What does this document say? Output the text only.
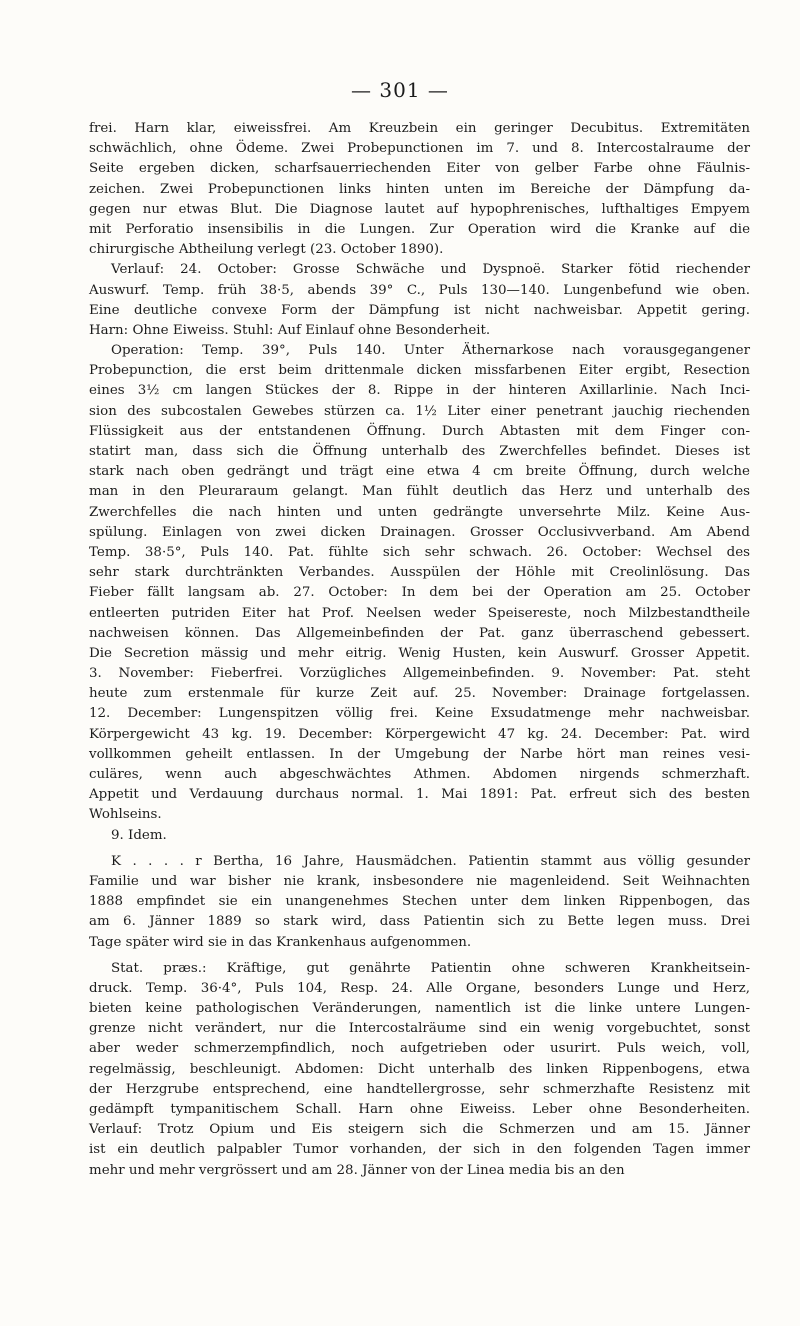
— 301 —
frei. Harn klar, eiweissfrei. Am Kreuzbein ein geringer Decubitus. Extremitäten
schwächlich, ohne Ödeme. Zwei Probepunctionen im 7. und 8. Intercostalraume der
Seite ergeben dicken, scharfsauerriechenden Eiter von gelber Farbe ohne Fäulnis-
zeichen. Zwei Probepunctionen links hinten unten im Bereiche der Dämpfung da-
gegen nur etwas Blut. Die Diagnose lautet auf hypophrenisches, lufthaltiges Empyem
mit Perforatio insensibilis in die Lungen. Zur Operation wird die Kranke auf die
chirurgische Abtheilung verlegt (23. October 1890).
Verlauf: 24. October: Grosse Schwäche und Dyspnoë. Starker fötid riechender
Auswurf. Temp. früh 38·5, abends 39° C., Puls 130—140. Lungenbefund wie oben.
Eine deutliche convexe Form der Dämpfung ist nicht nachweisbar. Appetit gering.
Harn: Ohne Eiweiss. Stuhl: Auf Einlauf ohne Besonderheit.
Operation: Temp. 39°, Puls 140. Unter Äthernarkose nach vorausgegangener
Probepunction, die erst beim drittenmale dicken missfarbenen Eiter ergibt, Resection
eines 3½ cm langen Stückes der 8. Rippe in der hinteren Axillarlinie. Nach Inci-
sion des subcostalen Gewebes stürzen ca. 1½ Liter einer penetrant jauchig riechenden
Flüssigkeit aus der entstandenen Öffnung. Durch Abtasten mit dem Finger con-
statirt man, dass sich die Öffnung unterhalb des Zwerchfelles befindet. Dieses ist
stark nach oben gedrängt und trägt eine etwa 4 cm breite Öffnung, durch welche
man in den Pleuraraum gelangt. Man fühlt deutlich das Herz und unterhalb des
Zwerchfelles die nach hinten und unten gedrängte unversehrte Milz. Keine Aus-
spülung. Einlagen von zwei dicken Drainagen. Grosser Occlusivverband. Am Abend
Temp. 38·5°, Puls 140. Pat. fühlte sich sehr schwach. 26. October: Wechsel des
sehr stark durchtränkten Verbandes. Ausspülen der Höhle mit Creolinlösung. Das
Fieber fällt langsam ab. 27. October: In dem bei der Operation am 25. October
entleerten putriden Eiter hat Prof. Neelsen weder Speisereste, noch Milzbestandtheile
nachweisen können. Das Allgemeinbefinden der Pat. ganz überraschend gebessert.
Die Secretion mässig und mehr eitrig. Wenig Husten, kein Auswurf. Grosser Appetit.
3. November: Fieberfrei. Vorzügliches Allgemeinbefinden. 9. November: Pat. steht
heute zum erstenmale für kurze Zeit auf. 25. November: Drainage fortgelassen.
12. December: Lungenspitzen völlig frei. Keine Exsudatmenge mehr nachweisbar.
Körpergewicht 43 kg. 19. December: Körpergewicht 47 kg. 24. December: Pat. wird
vollkommen geheilt entlassen. In der Umgebung der Narbe hört man reines vesi-
culäres, wenn auch abgeschwächtes Athmen. Abdomen nirgends schmerzhaft.
Appetit und Verdauung durchaus normal. 1. Mai 1891: Pat. erfreut sich des besten
Wohlseins.
9. Idem.
K . . . . r Bertha, 16 Jahre, Hausmädchen. Patientin stammt aus völlig gesunder
Familie und war bisher nie krank, insbesondere nie magenleidend. Seit Weihnachten
1888 empfindet sie ein unangenehmes Stechen unter dem linken Rippenbogen, das
am 6. Jänner 1889 so stark wird, dass Patientin sich zu Bette legen muss. Drei
Tage später wird sie in das Krankenhaus aufgenommen.
Stat. præs.: Kräftige, gut genährte Patientin ohne schweren Krankheitsein-
druck. Temp. 36·4°, Puls 104, Resp. 24. Alle Organe, besonders Lunge und Herz,
bieten keine pathologischen Veränderungen, namentlich ist die linke untere Lungen-
grenze nicht verändert, nur die Intercostalräume sind ein wenig vorgebuchtet, sonst
aber weder schmerzempfindlich, noch aufgetrieben oder usurirt. Puls weich, voll,
regelmässig, beschleunigt. Abdomen: Dicht unterhalb des linken Rippenbogens, etwa
der Herzgrube entsprechend, eine handtellergrosse, sehr schmerzhafte Resistenz mit
gedämpft tympanitischem Schall. Harn ohne Eiweiss. Leber ohne Besonderheiten.
Verlauf: Trotz Opium und Eis steigern sich die Schmerzen und am 15. Jänner
ist ein deutlich palpabler Tumor vorhanden, der sich in den folgenden Tagen immer
mehr und mehr vergrössert und am 28. Jänner von der Linea media bis an den
